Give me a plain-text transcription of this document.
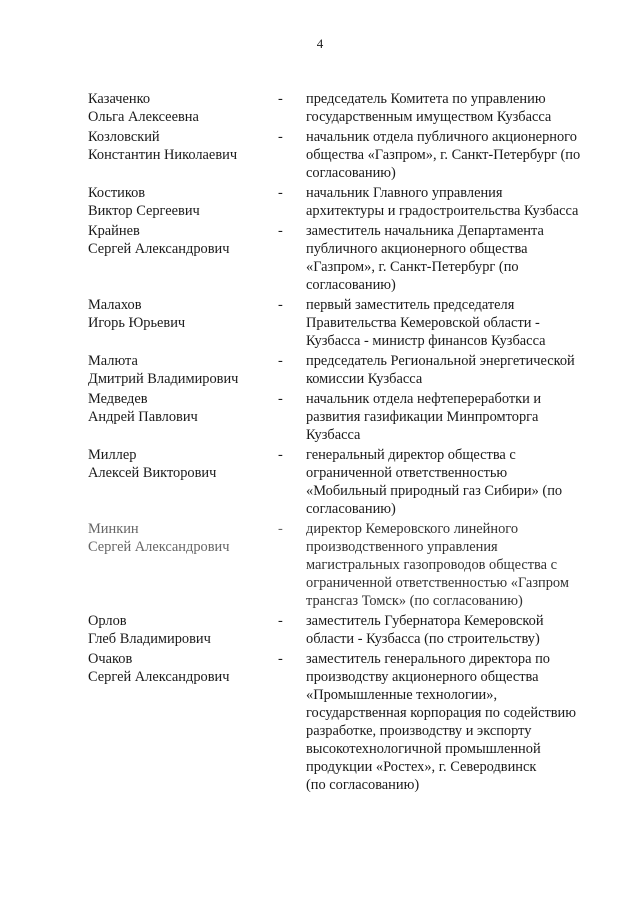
4
Казаченко
Ольга Алексеевна
-	председатель Комитета по управлению
государственным имуществом Кузбасса
Козловский
Константин Николаевич
-	начальник отдела публичного акционерного
общества «Газпром», г. Санкт-Петербург (по
согласованию)
Костиков
Виктор Сергеевич
-	начальник Главного управления
архитектуры и градостроительства Кузбасса
Крайнев
Сергей Александрович
-	заместитель начальника Департамента
публичного акционерного общества
«Газпром», г. Санкт-Петербург (по
согласованию)
Малахов
Игорь Юрьевич
-	первый заместитель председателя
Правительства Кемеровской области -
Кузбасса - министр финансов Кузбасса
Малюта
Дмитрий Владимирович
-	председатель Региональной энергетической
комиссии Кузбасса
Медведев
Андрей Павлович
-	начальник отдела нефтепереработки и
развития газификации Минпромторга
Кузбасса
Миллер
Алексей Викторович
-	генеральный директор общества с
ограниченной ответственностью
«Мобильный природный газ Сибири» (по
согласованию)
Минкин
Сергей Александрович
-	директор Кемеровского линейного
производственного управления
магистральных газопроводов общества с
ограниченной ответственностью «Газпром
трансгаз Томск» (по согласованию)
Орлов
Глеб Владимирович
-	заместитель Губернатора Кемеровской
области - Кузбасса (по строительству)
Очаков
Сергей Александрович
-	заместитель генерального директора по
производству акционерного общества
«Промышленные технологии»,
государственная корпорация по содействию
разработке, производству и экспорту
высокотехнологичной промышленной
продукции «Ростех», г. Северодвинск
(по согласованию)
